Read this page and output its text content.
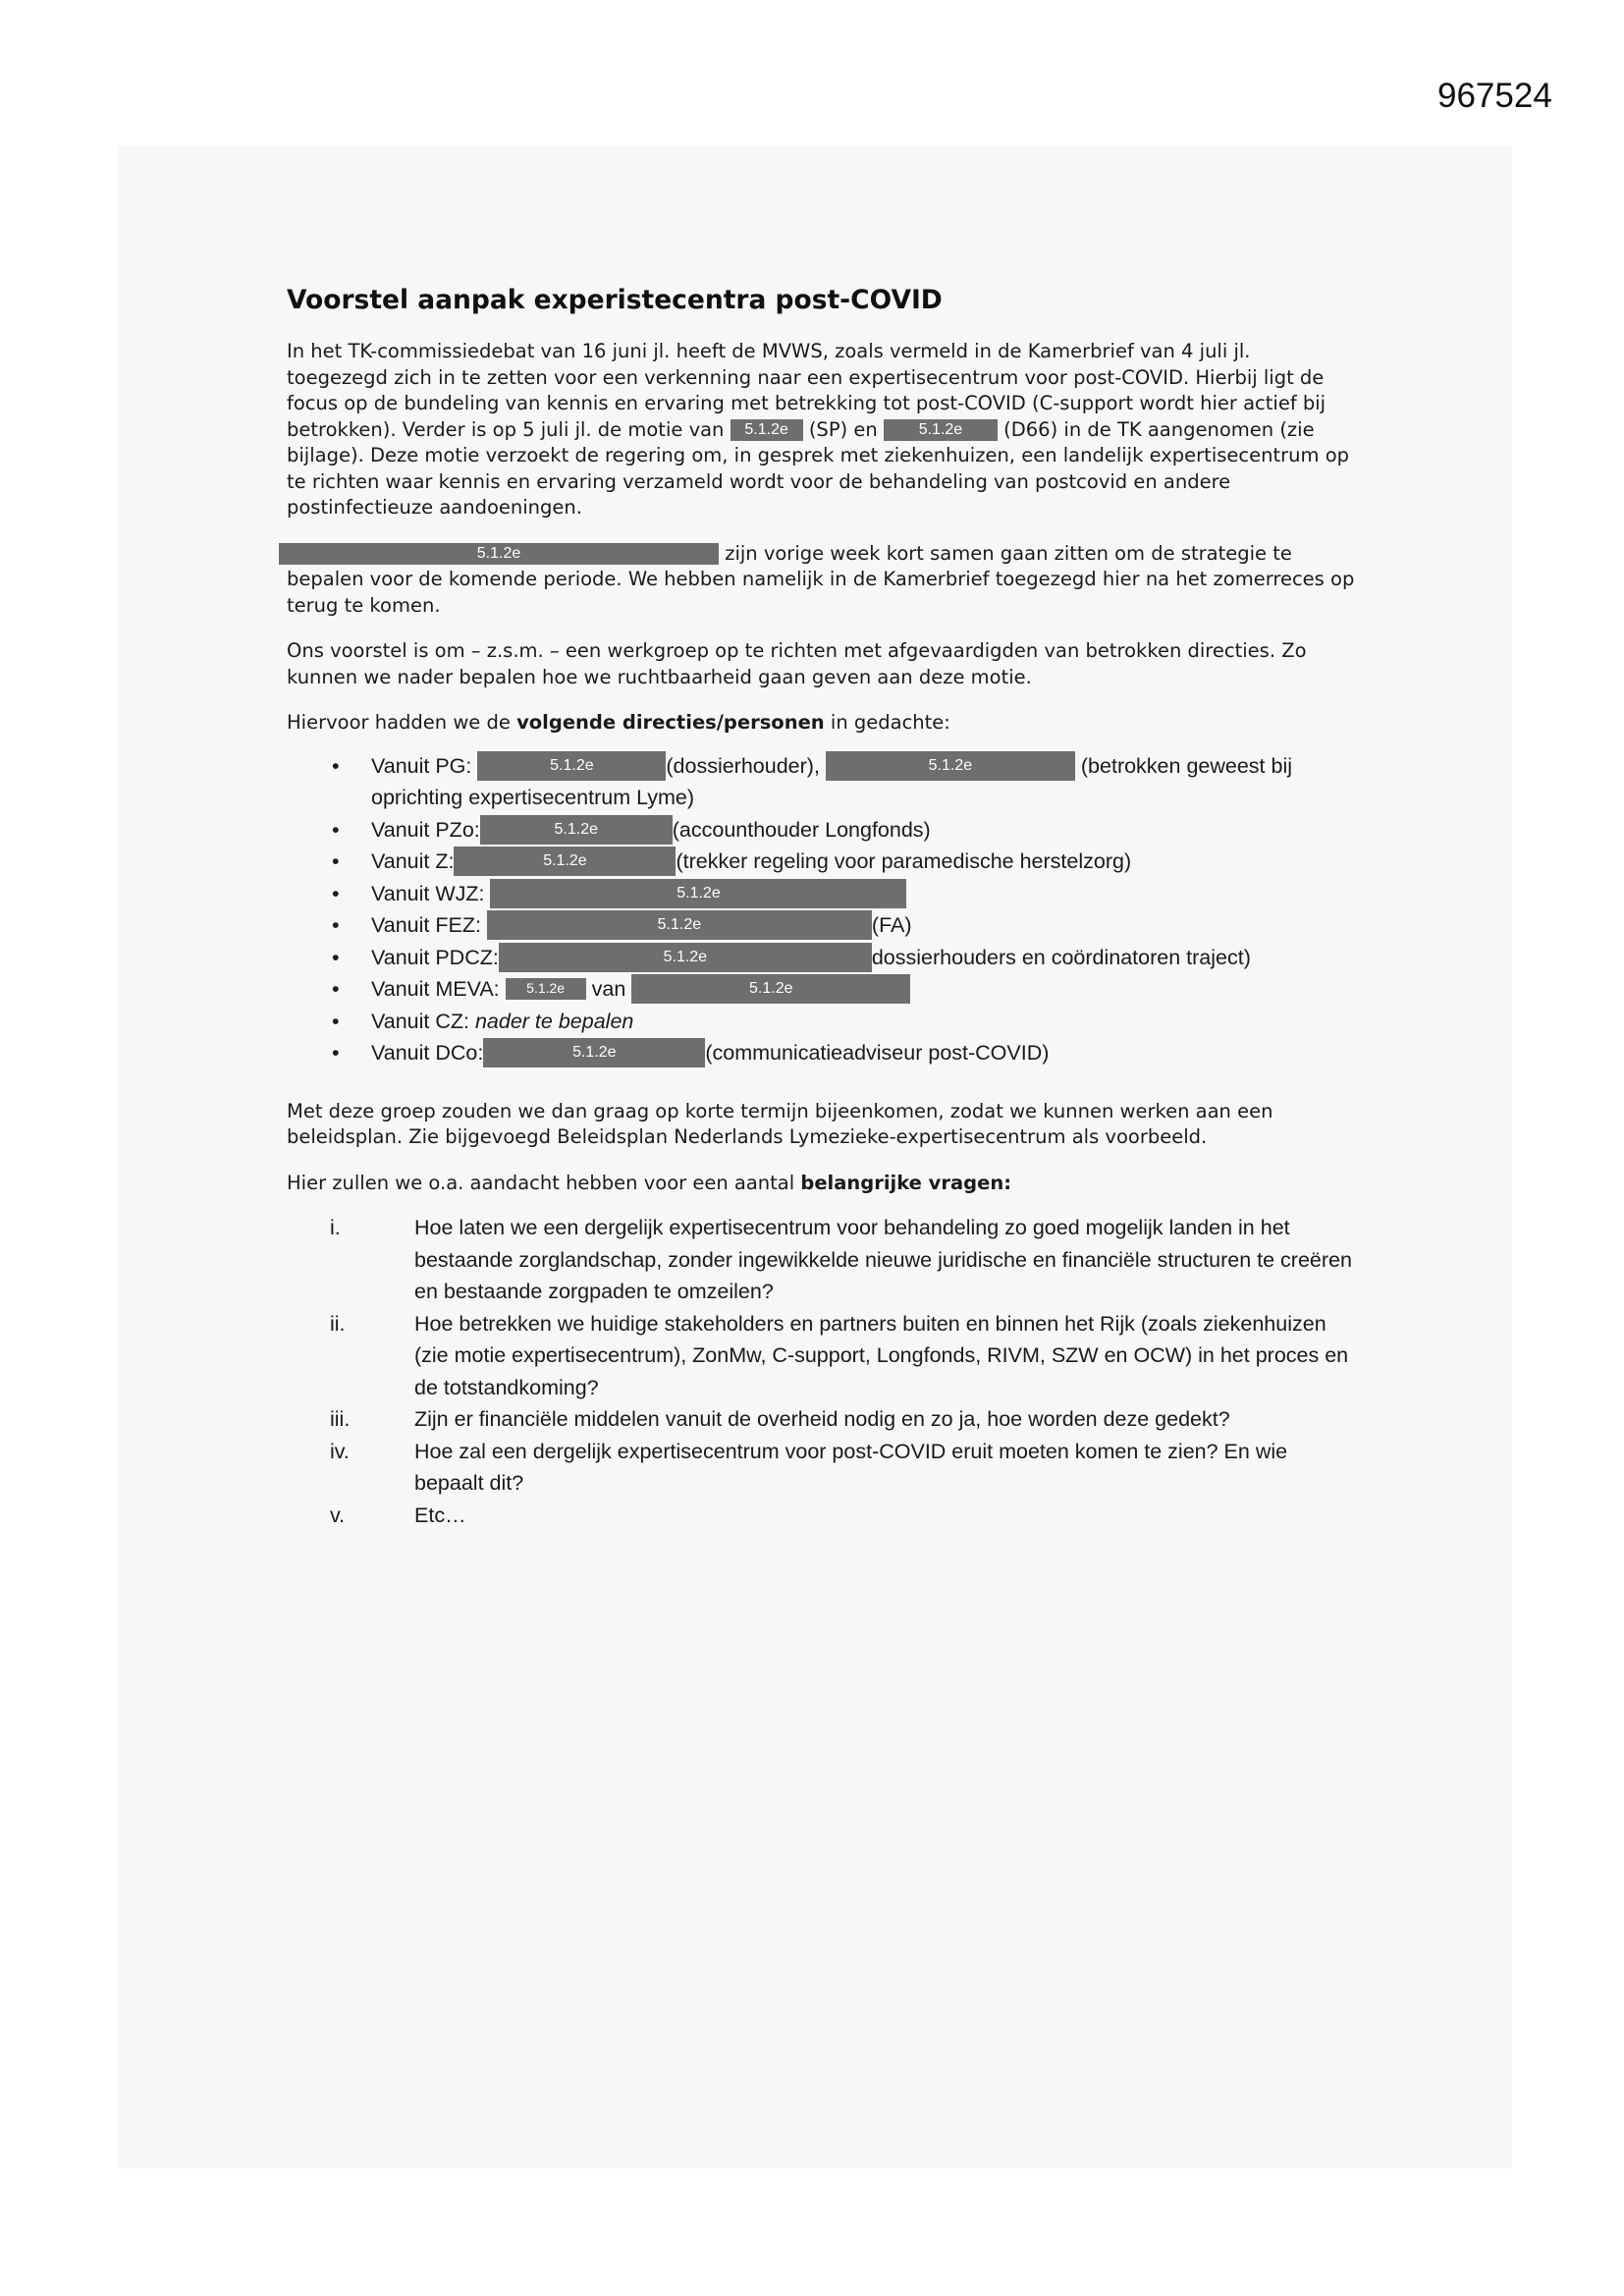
967524
Voorstel aanpak experistecentra post-COVID

In het TK-commissiedebat van 16 juni jl. heeft de MVWS, zoals vermeld in de Kamerbrief van 4 juli jl. toegezegd zich in te zetten voor een verkenning naar een expertisecentrum voor post-COVID. Hierbij ligt de focus op de bundeling van kennis en ervaring met betrekking tot post-COVID (C-support wordt hier actief bij betrokken). Verder is op 5 juli jl. de motie van 5.1.2e (SP) en	5.1.2e (D66) in de TK aangenomen (zie bijlage). Deze motie verzoekt de regering om, in gesprek met ziekenhuizen, een landelijk expertisecentrum op te richten waar kennis en ervaring verzameld wordt voor de behandeling van postcovid en andere postinfectieuze aandoeningen.

5.1.2e	zijn vorige week kort samen gaan zitten om de strategie te bepalen voor de komende periode. We hebben namelijk in de Kamerbrief toegezegd hier na het zomerreces op terug te komen.

Ons voorstel is om – z.s.m. – een werkgroep op te richten met afgevaardigden van betrokken directies. Zo kunnen we nader bepalen hoe we ruchtbaarheid gaan geven aan deze motie.

Hiervoor hadden we de volgende directies/personen in gedachte:

• Vanuit PG:	5.1.2e	(dossierhouder),	5.1.2e	(betrokken geweest bij oprichting expertisecentrum Lyme)
• Vanuit PZo:	5.1.2e	(accounthouder Longfonds)
• Vanuit Z:	5.1.2e	(trekker regeling voor paramedische herstelzorg)
• Vanuit WJZ:	5.1.2e
• Vanuit FEZ:	5.1.2e	(FA)
• Vanuit PDCZ:	5.1.2e	dossierhouders en coördinatoren traject)
• Vanuit MEVA: 5.1.2e van	5.1.2e
• Vanuit CZ: nader te bepalen
• Vanuit DCo:	5.1.2e	(communicatieadviseur post-COVID)

Met deze groep zouden we dan graag op korte termijn bijeenkomen, zodat we kunnen werken aan een beleidsplan. Zie bijgevoegd Beleidsplan Nederlands Lymezieke-expertisecentrum als voorbeeld.

Hier zullen we o.a. aandacht hebben voor een aantal belangrijke vragen:

i.	Hoe laten we een dergelijk expertisecentrum voor behandeling zo goed mogelijk landen in het bestaande zorglandschap, zonder ingewikkelde nieuwe juridische en financiële structuren te creëren en bestaande zorgpaden te omzeilen?
ii.	Hoe betrekken we huidige stakeholders en partners buiten en binnen het Rijk (zoals ziekenhuizen (zie motie expertisecentrum), ZonMw, C-support, Longfonds, RIVM, SZW en OCW) in het proces en de totstandkoming?
iii.	Zijn er financiële middelen vanuit de overheid nodig en zo ja, hoe worden deze gedekt?
iv.	Hoe zal een dergelijk expertisecentrum voor post-COVID eruit moeten komen te zien? En wie bepaalt dit?
v.	Etc…
